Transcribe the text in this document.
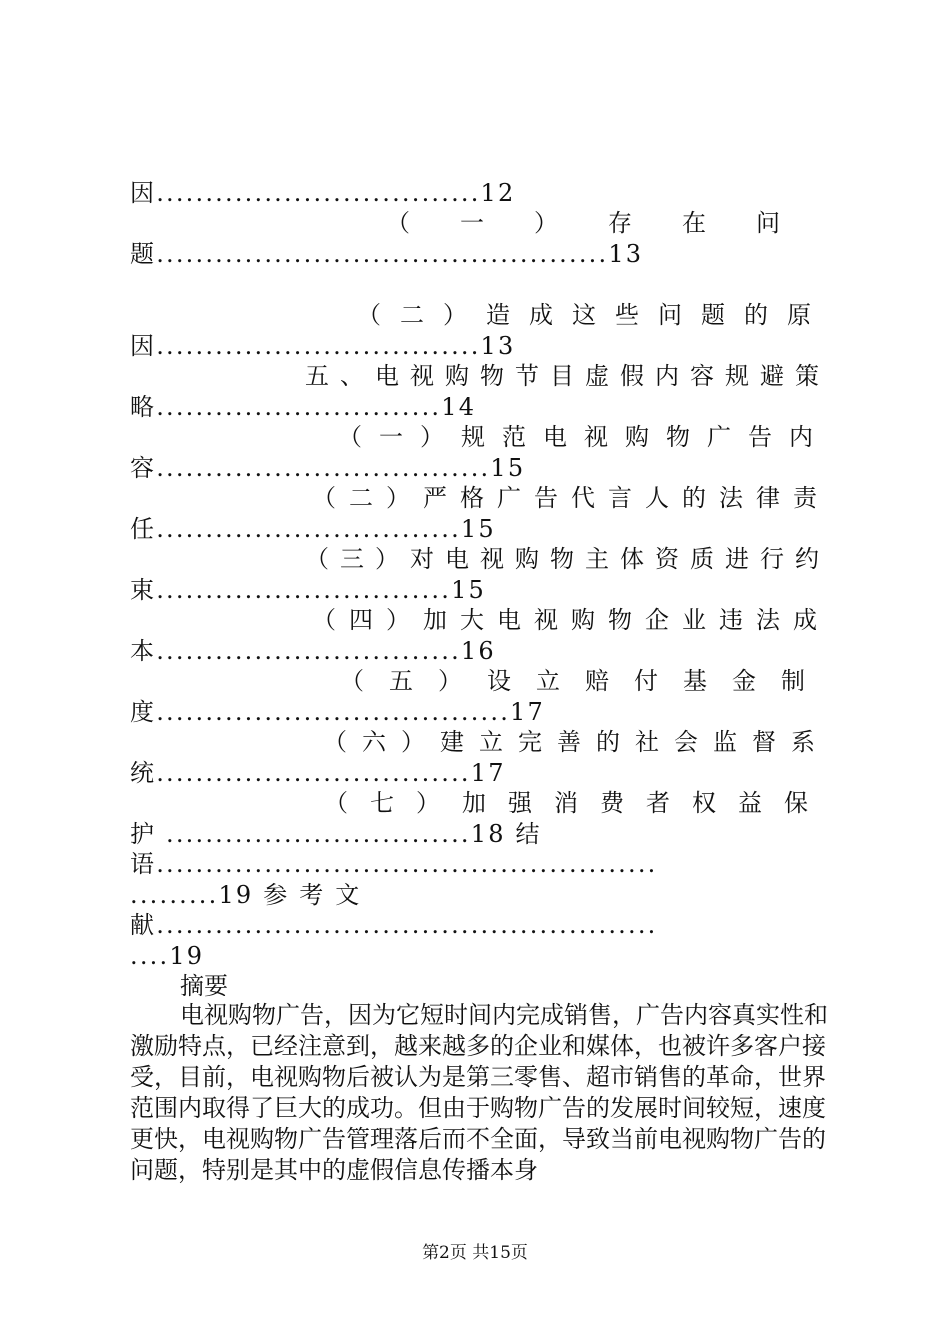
因.................................12
（一）存在问
题..............................................13
（二）造成这些问题的原
因.................................13
五、电视购物节目虚假内容规避策
略.............................14
（一）规范电视购物广告内
容..................................15
（二）严格广告代言人的法律责
任...............................15
（三）对电视购物主体资质进行约
束..............................15
（四）加大电视购物企业违法成
本...............................16
（五）设立赔付基金制
度....................................17
（六）建立完善的社会监督系
统................................17
（七）加强消费者权益保
护 ...............................18 结
语...................................................
.........19 参 考 文
献...................................................
....19
摘要
电视购物广告，因为它短时间内完成销售，广告内容真实性和激励特点，已经注意到，越来越多的企业和媒体，也被许多客户接受，目前，电视购物后被认为是第三零售、超市销售的革命，世界范围内取得了巨大的成功。但由于购物广告的发展时间较短，速度更快，电视购物广告管理落后而不全面，导致当前电视购物广告的问题，特别是其中的虚假信息传播本身
第2页 共15页
